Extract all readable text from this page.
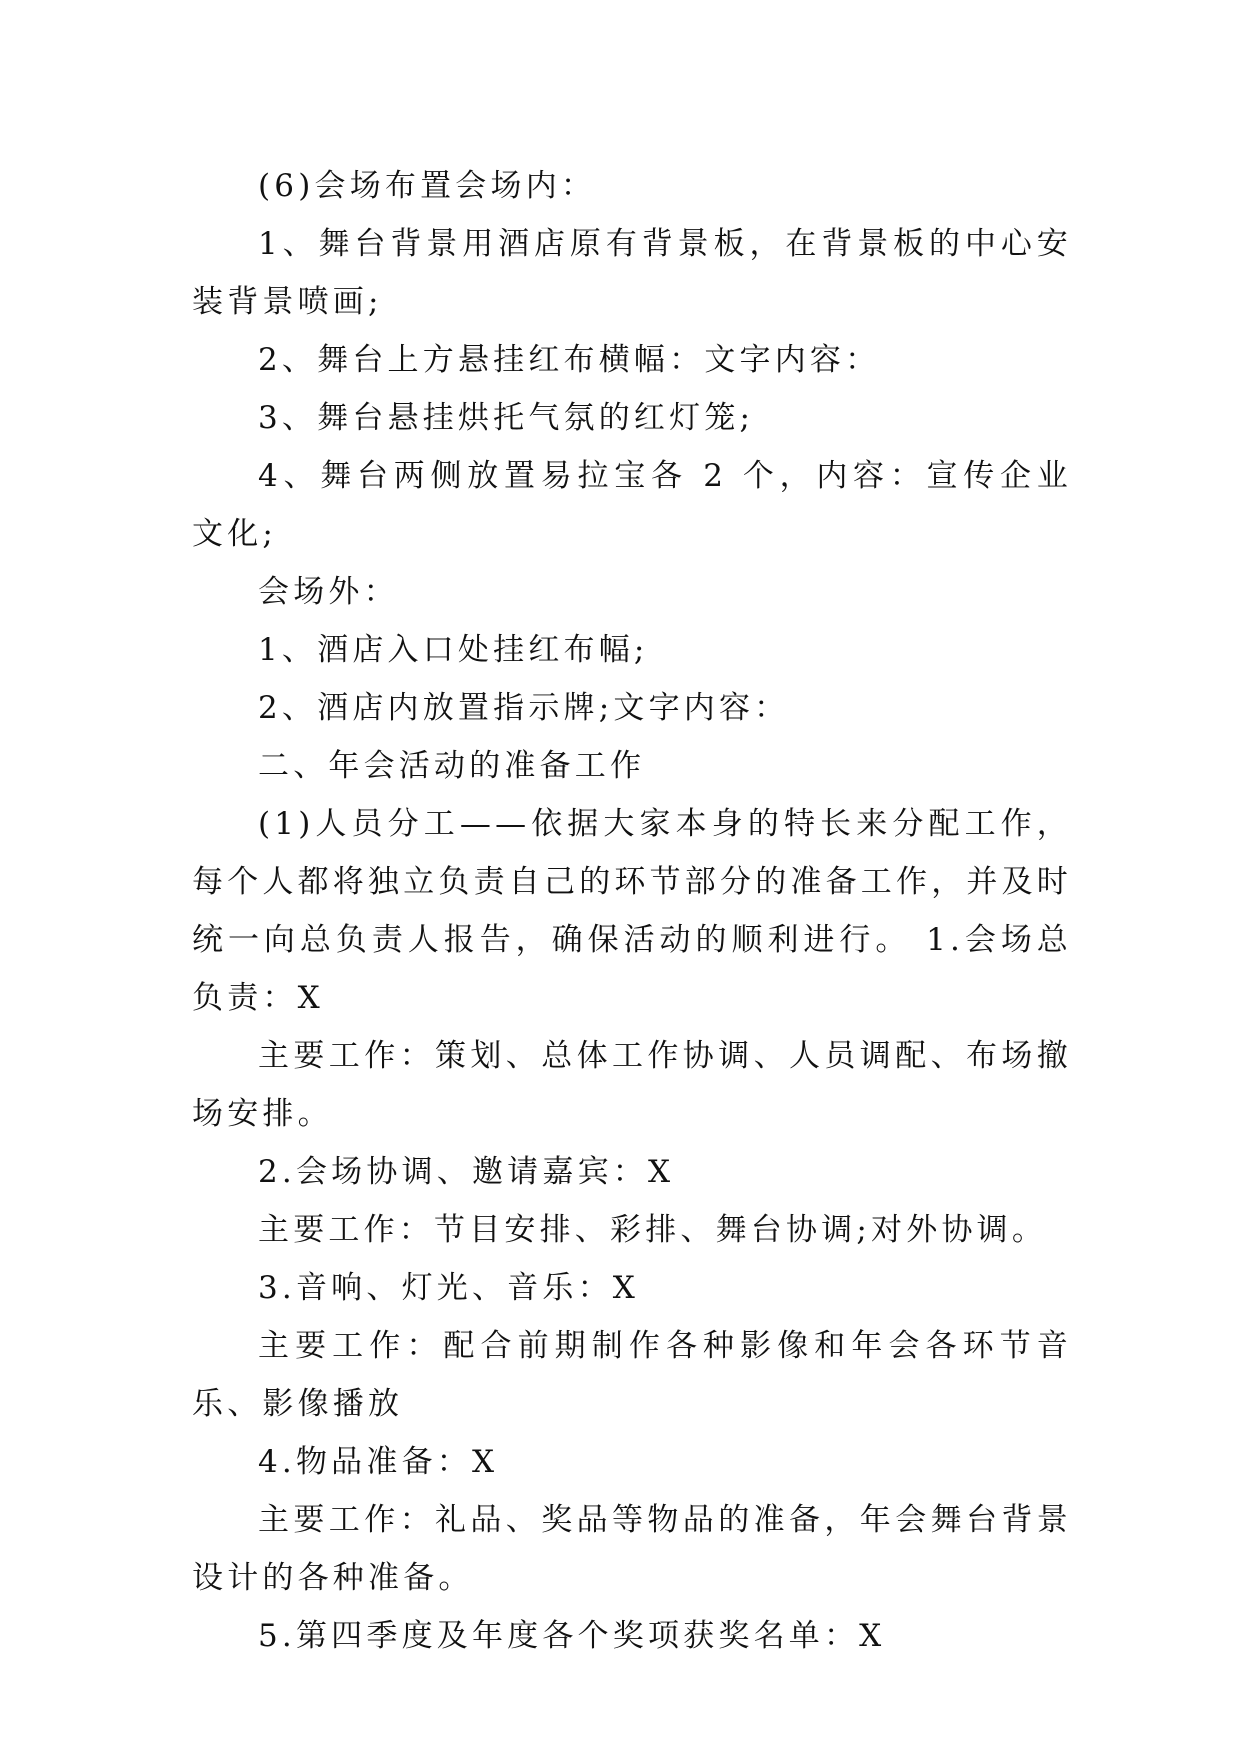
(6)会场布置会场内：

1、舞台背景用酒店原有背景板，在背景板的中心安装背景喷画;

2、舞台上方悬挂红布横幅：文字内容：

3、舞台悬挂烘托气氛的红灯笼;

4、舞台两侧放置易拉宝各 2 个，内容：宣传企业文化;

会场外：

1、酒店入口处挂红布幅;

2、酒店内放置指示牌;文字内容：

二、年会活动的准备工作

(1)人员分工——依据大家本身的特长来分配工作，每个人都将独立负责自己的环节部分的准备工作，并及时统一向总负责人报告，确保活动的顺利进行。 1.会场总负责：X

主要工作：策划、总体工作协调、人员调配、布场撤场安排。

2.会场协调、邀请嘉宾：X

主要工作：节目安排、彩排、舞台协调;对外协调。

3.音响、灯光、音乐：X

主要工作：配合前期制作各种影像和年会各环节音乐、影像播放

4.物品准备：X

主要工作：礼品、奖品等物品的准备，年会舞台背景设计的各种准备。

5.第四季度及年度各个奖项获奖名单：X
